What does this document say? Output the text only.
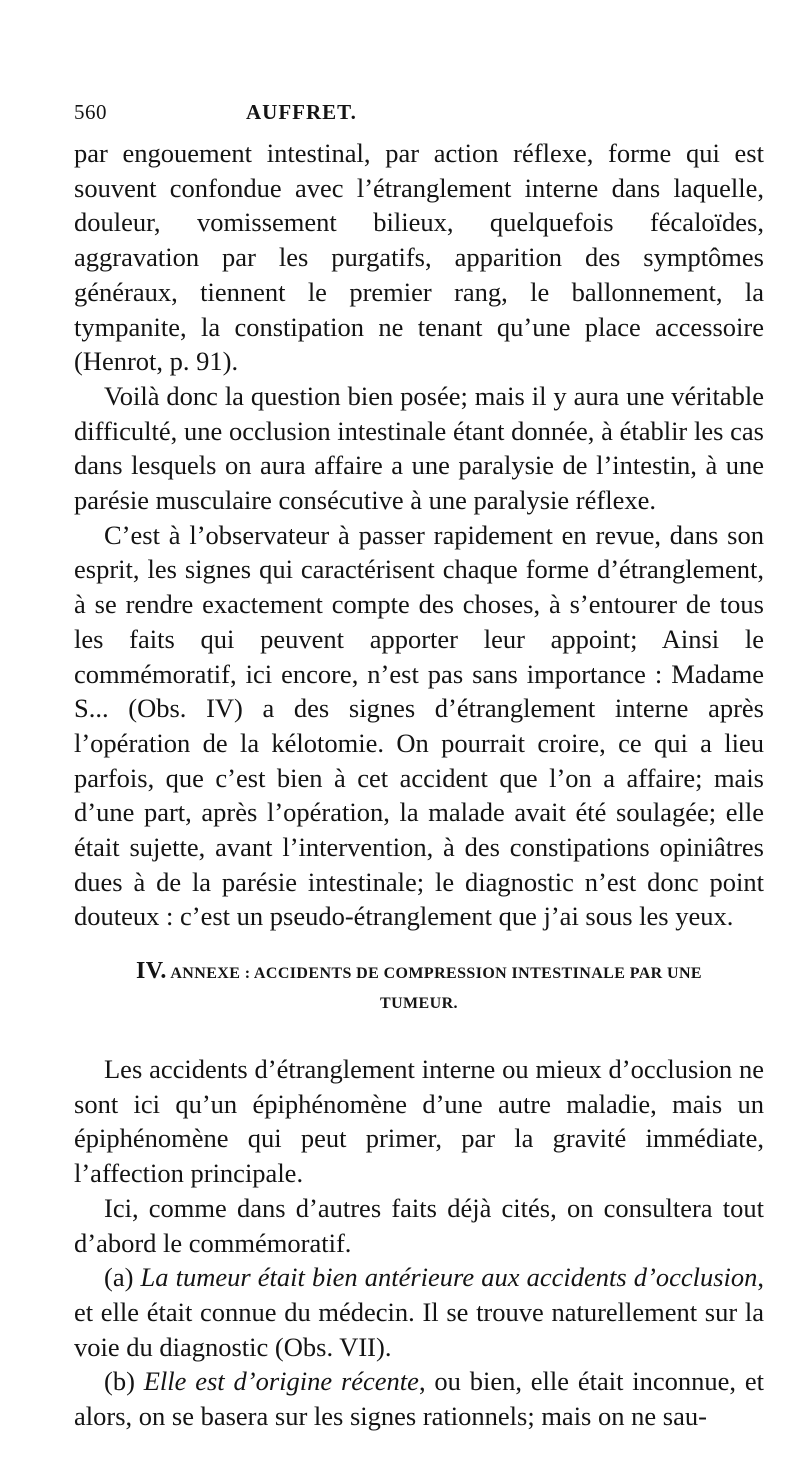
560	AUFFRET.

par engouement intestinal, par action réflexe, forme qui est souvent confondue avec l’étranglement interne dans laquelle, douleur, vomissement bilieux, quelquefois fécaloïdes, aggravation par les purgatifs, apparition des symptômes généraux, tiennent le premier rang, le ballonnement, la tympanite, la constipation ne tenant qu’une place accessoire (Henrot, p. 91).

Voilà donc la question bien posée; mais il y aura une véritable difficulté, une occlusion intestinale étant donnée, à établir les cas dans lesquels on aura affaire a une paralysie de l’intestin, à une parésie musculaire consécutive à une paralysie réflexe.

C’est à l’observateur à passer rapidement en revue, dans son esprit, les signes qui caractérisent chaque forme d’étranglement, à se rendre exactement compte des choses, à s’entourer de tous les faits qui peuvent apporter leur appoint; Ainsi le commémoratif, ici encore, n’est pas sans importance : Madame S... (Obs. IV) a des signes d’étranglement interne après l’opération de la kélotomie. On pourrait croire, ce qui a lieu parfois, que c’est bien à cet accident que l’on a affaire; mais d’une part, après l’opération, la malade avait été soulagée; elle était sujette, avant l’intervention, à des constipations opiniâtres dues à de la parésie intestinale; le diagnostic n’est donc point douteux : c’est un pseudo-étranglement que j’ai sous les yeux.

IV. ANNEXE : ACCIDENTS DE COMPRESSION INTESTINALE PAR UNE
TUMEUR.

Les accidents d’étranglement interne ou mieux d’occlusion ne sont ici qu’un épiphénomène d’une autre maladie, mais un épiphénomène qui peut primer, par la gravité immédiate, l’affection principale.

Ici, comme dans d’autres faits déjà cités, on consultera tout d’abord le commémoratif.

(a) La tumeur était bien antérieure aux accidents d’occlusion, et elle était connue du médecin. Il se trouve naturellement sur la voie du diagnostic (Obs. VII).

(b) Elle est d’origine récente, ou bien, elle était inconnue, et alors, on se basera sur les signes rationnels; mais on ne sau-
